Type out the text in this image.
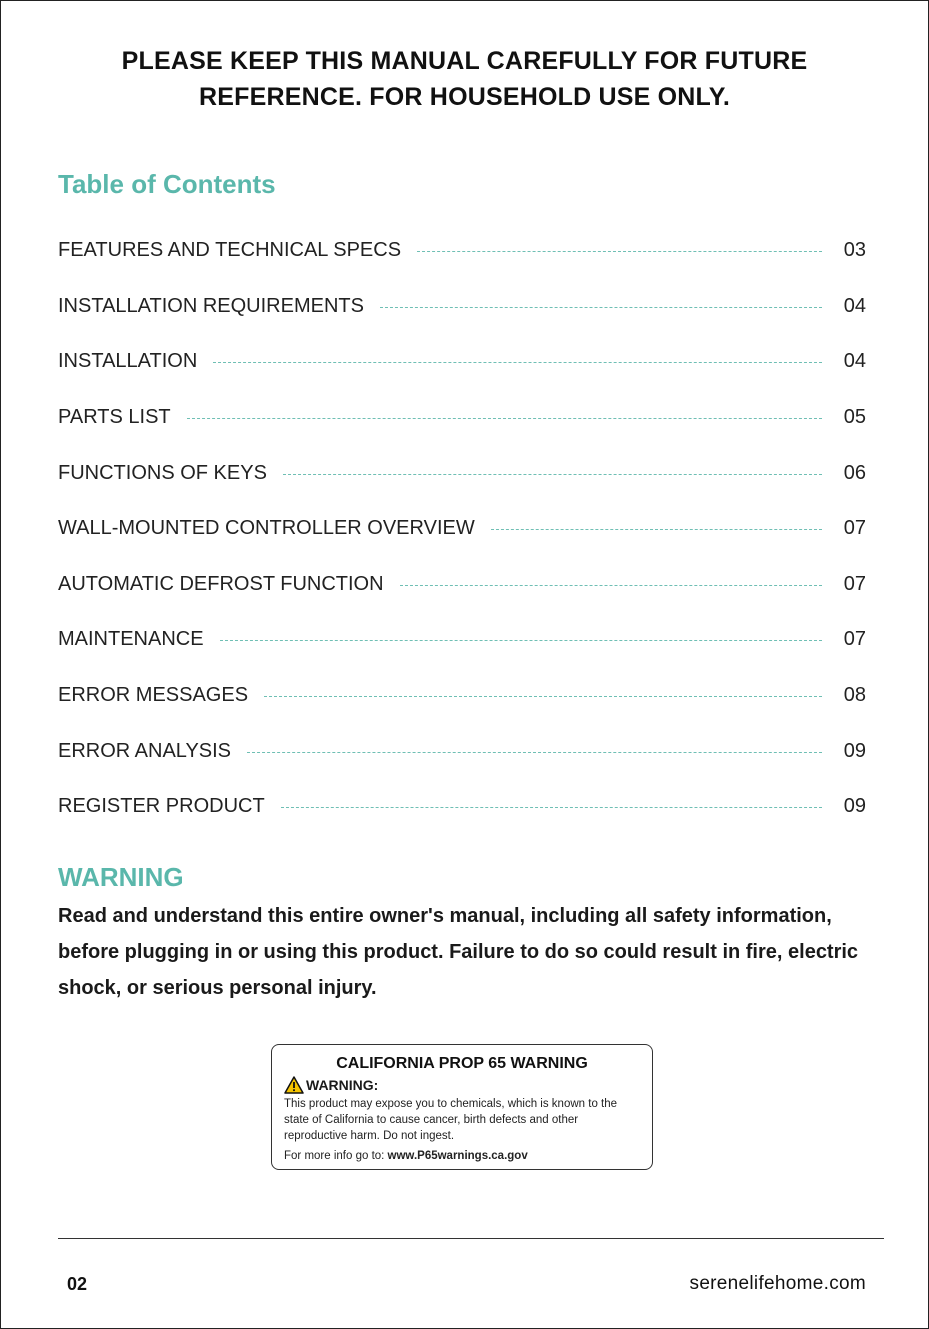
PLEASE KEEP THIS MANUAL CAREFULLY FOR FUTURE REFERENCE. FOR HOUSEHOLD USE ONLY.
Table of Contents
FEATURES AND TECHNICAL SPECS	03
INSTALLATION REQUIREMENTS	04
INSTALLATION	04
PARTS LIST	05
FUNCTIONS OF KEYS	06
WALL-MOUNTED CONTROLLER OVERVIEW	07
AUTOMATIC DEFROST FUNCTION	07
MAINTENANCE	07
ERROR MESSAGES	08
ERROR ANALYSIS	09
REGISTER PRODUCT	09
WARNING
Read and understand this entire owner's manual, including all safety information, before plugging in or using this product. Failure to do so could result in fire, electric shock, or serious personal injury.
CALIFORNIA PROP 65 WARNING
WARNING:
This product may expose you to chemicals, which is known to the state of California to cause cancer, birth defects and other reproductive harm. Do not ingest.
For more info go to: www.P65warnings.ca.gov
02	serenelifehome.com
